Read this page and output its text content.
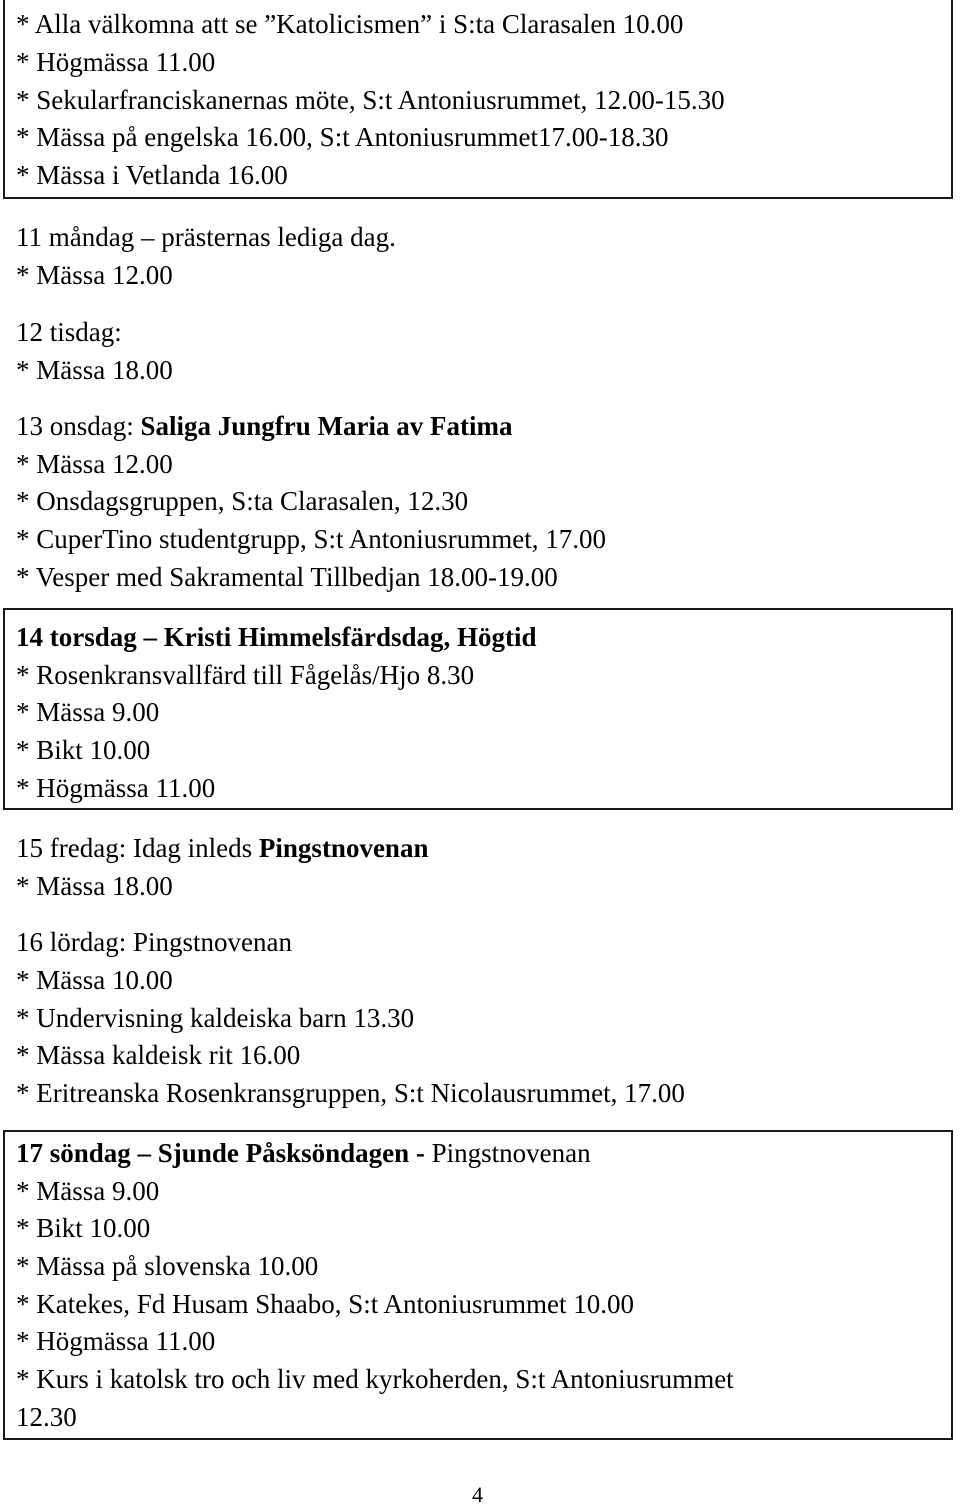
* Alla välkomna att se ”Katolicismen” i S:ta Clarasalen 10.00
* Högmässa 11.00
* Sekularfranciskanernas möte, S:t Antoniusrummet, 12.00-15.30
* Mässa på engelska 16.00, S:t Antoniusrummet17.00-18.30
* Mässa i Vetlanda 16.00
11 måndag – prästernas lediga dag.
* Mässa 12.00
12 tisdag:
* Mässa 18.00
13 onsdag: Saliga Jungfru Maria av Fatima
* Mässa 12.00
* Onsdagsgruppen, S:ta Clarasalen, 12.30
* CuperTino studentgrupp, S:t Antoniusrummet, 17.00
* Vesper med Sakramental Tillbedjan 18.00-19.00
14 torsdag – Kristi Himmelsfärdsdag, Högtid
* Rosenkransvallfärd till Fågelås/Hjo 8.30
* Mässa 9.00
* Bikt 10.00
* Högmässa 11.00
15 fredag: Idag inleds Pingstnovenan
* Mässa 18.00
16 lördag: Pingstnovenan
* Mässa 10.00
* Undervisning kaldeiska barn 13.30
* Mässa kaldeisk rit 16.00
* Eritreanska Rosenkransgruppen, S:t Nicolausrummet, 17.00
17 söndag – Sjunde Påsksöndagen - Pingstnovenan
* Mässa 9.00
* Bikt 10.00
* Mässa på slovenska 10.00
* Katekes, Fd Husam Shaabo, S:t Antoniusrummet 10.00
* Högmässa 11.00
* Kurs i katolsk tro och liv med kyrkoherden, S:t Antoniusrummet
12.30
4
